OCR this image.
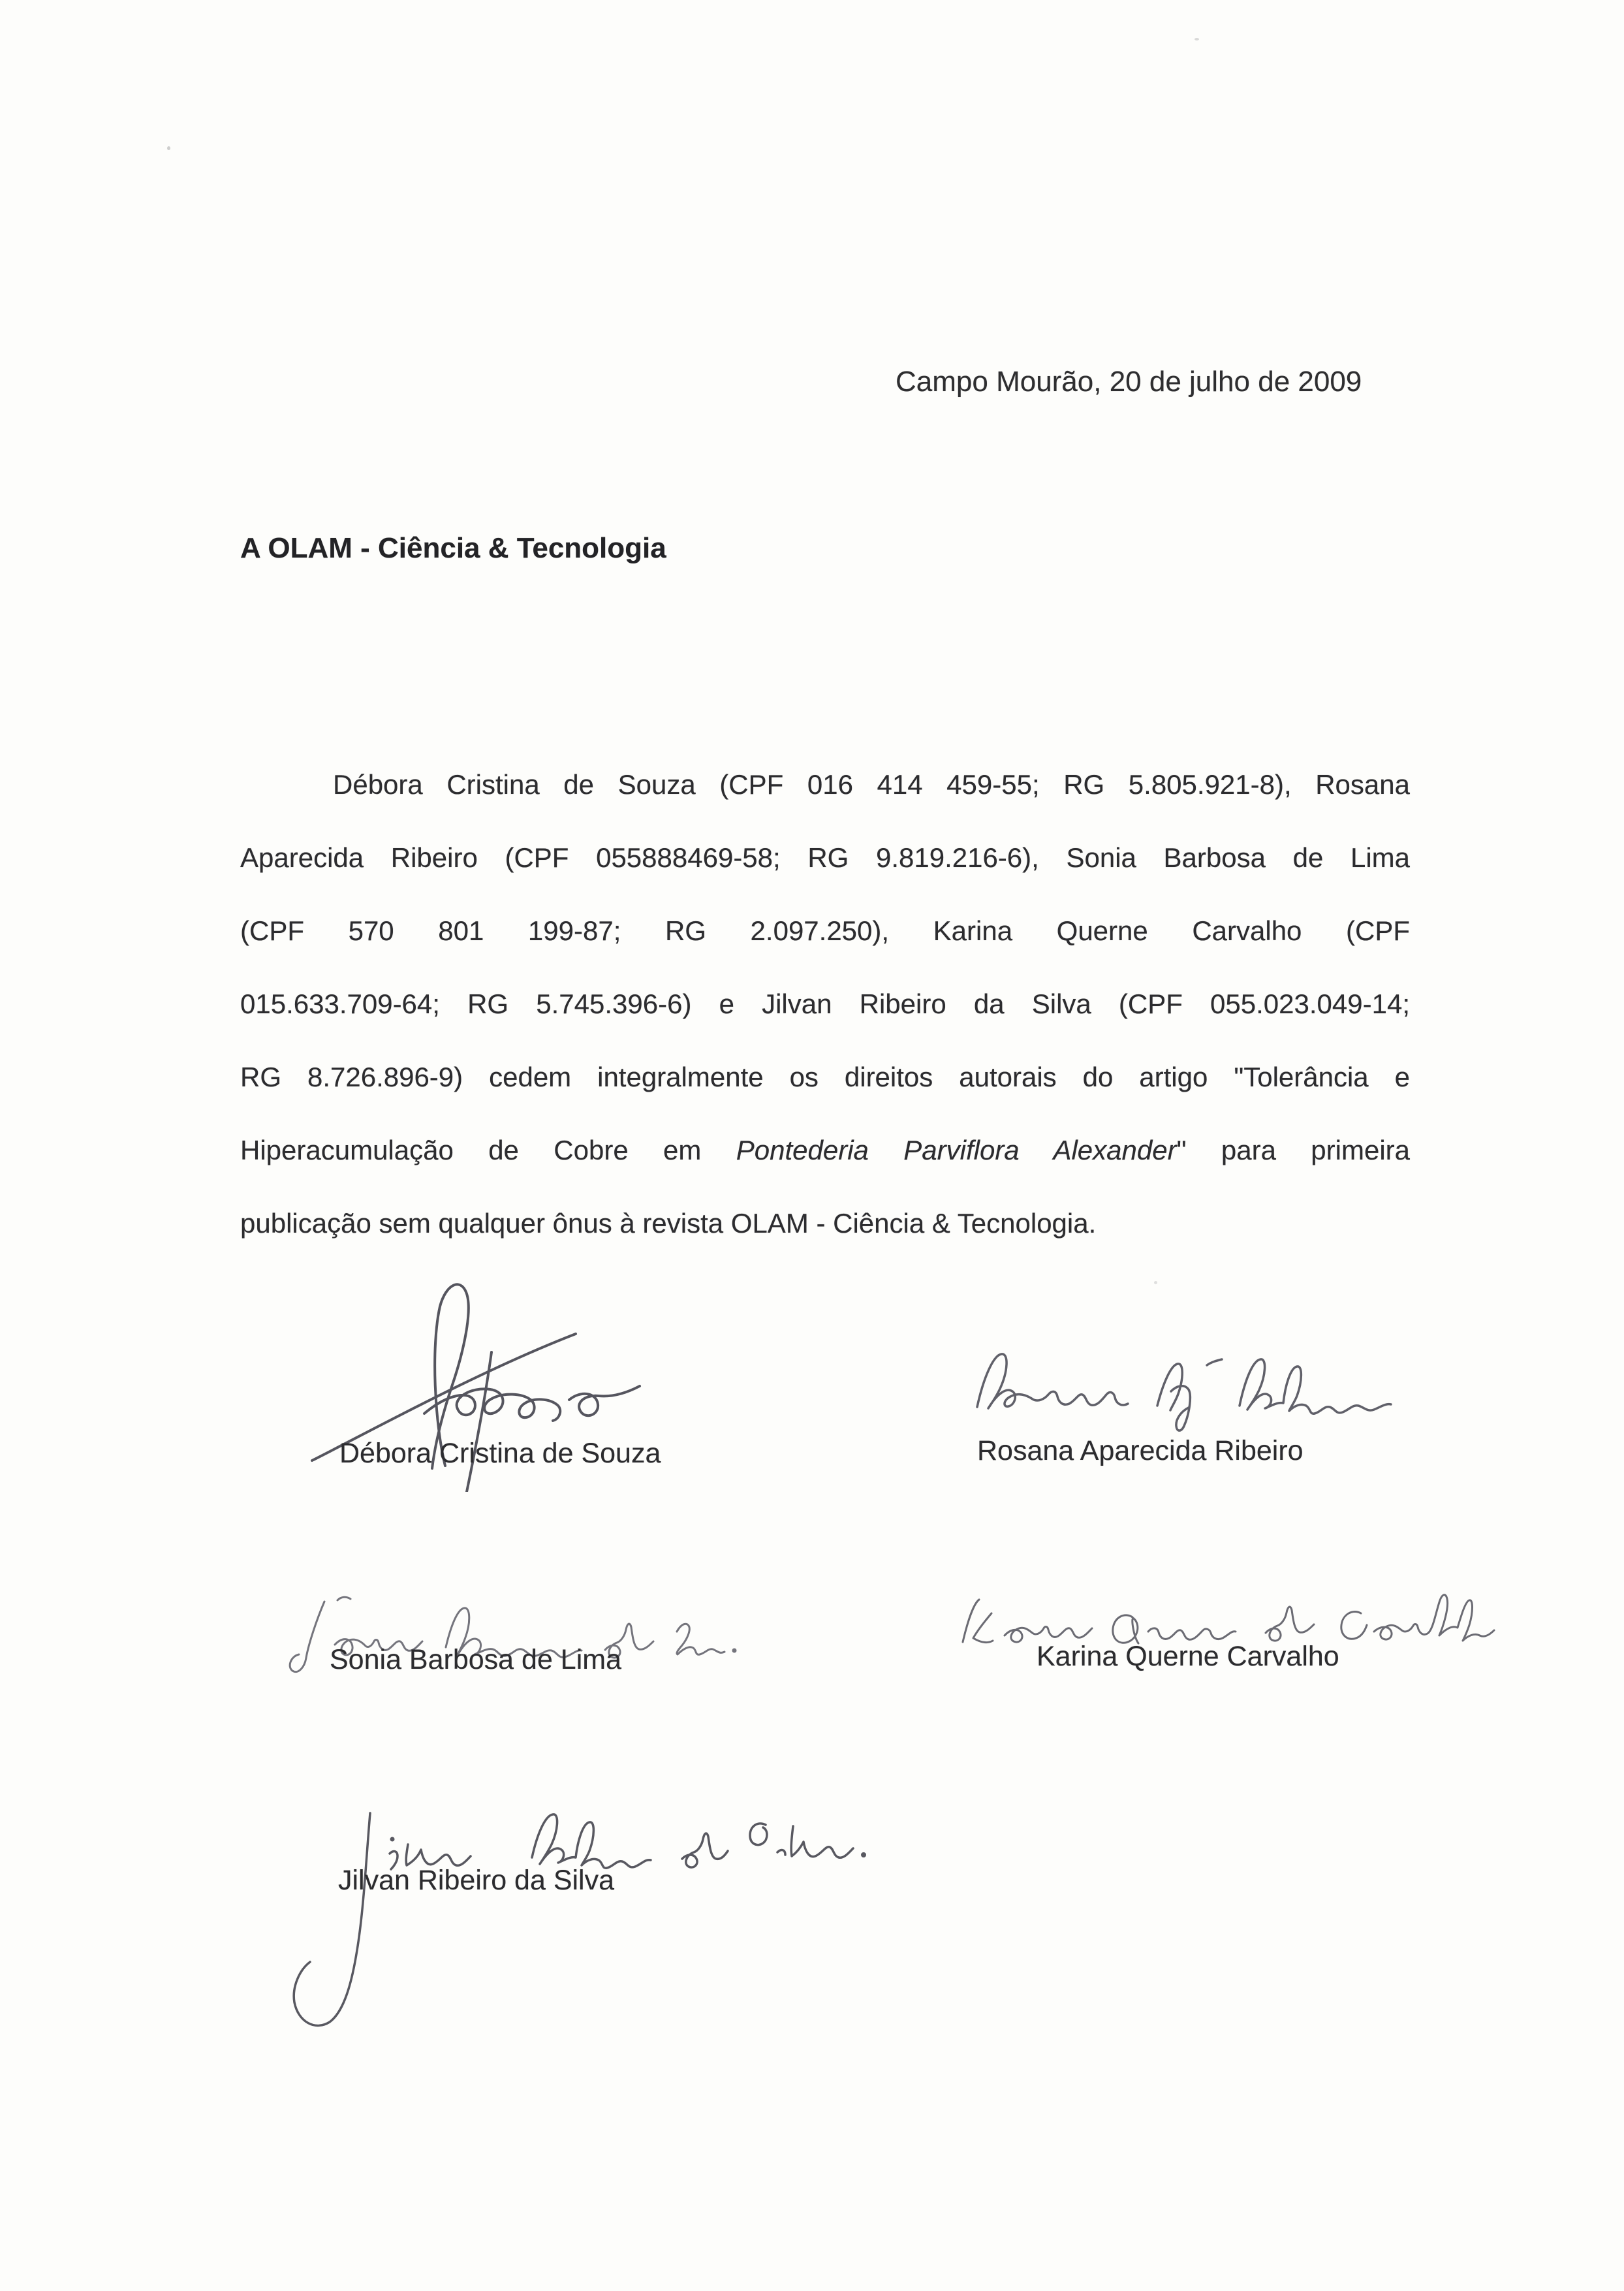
Campo Mourão, 20 de julho de 2009
A OLAM - Ciência & Tecnologia
Débora Cristina de Souza (CPF 016 414 459-55; RG 5.805.921-8), Rosana
Aparecida Ribeiro (CPF 055888469-58; RG 9.819.216-6), Sonia Barbosa de Lima
(CPF 570 801 199-87; RG 2.097.250), Karina Querne Carvalho (CPF
015.633.709-64; RG 5.745.396-6) e Jilvan Ribeiro da Silva (CPF 055.023.049-14;
RG 8.726.896-9) cedem integralmente os direitos autorais do artigo "Tolerância e
Hiperacumulação de Cobre em Pontederia Parviflora Alexander" para primeira
publicação sem qualquer ônus à revista OLAM - Ciência & Tecnologia.
Débora Cristina de Souza	Rosana Aparecida Ribeiro
Sonia Barbosa de Lima	Karina Querne Carvalho
Jilvan Ribeiro da Silva
